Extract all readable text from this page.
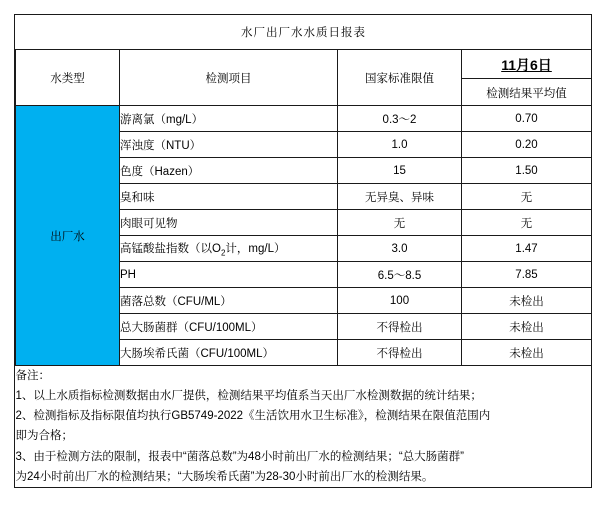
水厂出厂水水质日报表			
水类型	检测项目	国家标准限值	11月6日
检测结果平均值

出厂水	游离氯（mg/L）	0.3～2	0.70
	浑浊度（NTU）	1.0	0.20
	色度（Hazen）	15	1.50
	臭和味	无异臭、异味	无
	肉眼可见物	无	无
	高锰酸盐指数（以$O_2$计，mg/L）	3.0	1.47
	PH	6.5～8.5	7.85
	菌落总数（CFU/ML）	100	未检出
	总大肠菌群（CFU/100ML）	不得检出	未检出
	大肠埃希氏菌（CFU/100ML）	不得检出	未检出

备注：
1、以上水质指标检测数据由水厂提供，检测结果平均值系当天出厂水检测数据的统计结果；
2、检测指标及指标限值均执行GB5749-2022《生活饮用水卫生标准》，检测结果在限值范围内
即为合格；
3、由于检测方法的限制，报表中“菌落总数”为48小时前出厂水的检测结果；“总大肠菌群”
为24小时前出厂水的检测结果；“大肠埃希氏菌”为28-30小时前出厂水的检测结果。
